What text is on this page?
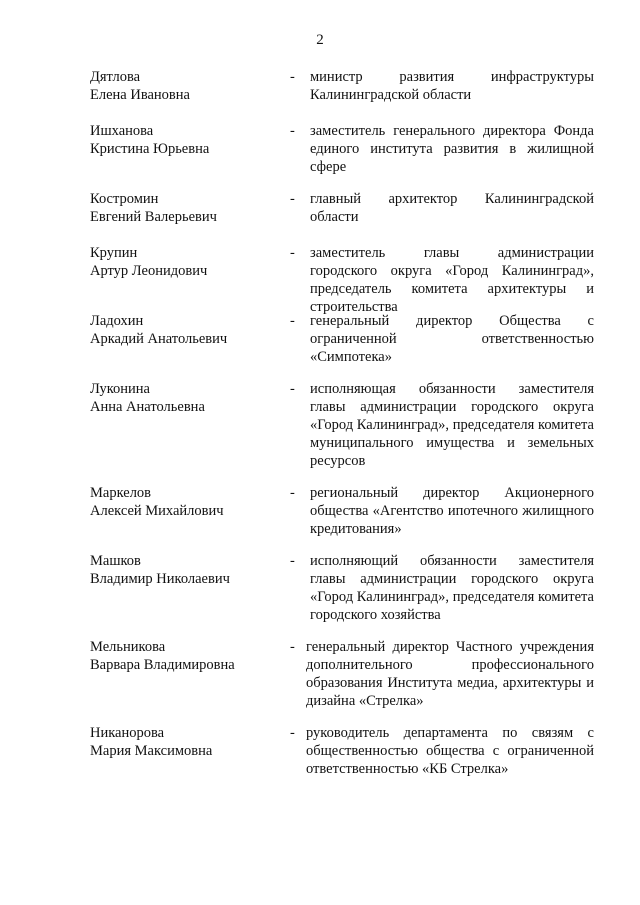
2
Дятлова
Елена Ивановна
-	министр развития инфраструктуры Калининградской области
Ишханова
Кристина Юрьевна
-	заместитель генерального директора Фонда единого института развития в жилищной сфере
Костромин
Евгений Валерьевич
-	главный архитектор Калининградской области
Крупин
Артур Леонидович
-	заместитель главы администрации городского округа «Город Калининград», председатель комитета архитектуры и строительства
Ладохин
Аркадий Анатольевич
-	генеральный директор Общества с ограниченной ответственностью «Симпотека»
Луконина
Анна Анатольевна
-	исполняющая обязанности заместителя главы администрации городского округа «Город Калининград», председателя комитета муниципального имущества и земельных ресурсов
Маркелов
Алексей Михайлович
-	региональный директор Акционерного общества «Агентство ипотечного жилищного кредитования»
Машков
Владимир Николаевич
-	исполняющий обязанности заместителя главы администрации городского округа «Город Калининград», председателя комитета городского хозяйства
Мельникова
Варвара Владимировна
- генеральный директор Частного учреждения дополнительного профессионального образования Института медиа, архитектуры и дизайна «Стрелка»
Никанорова
Мария Максимовна
- руководитель департамента по связям с общественностью общества с ограниченной ответственностью «КБ Стрелка»
